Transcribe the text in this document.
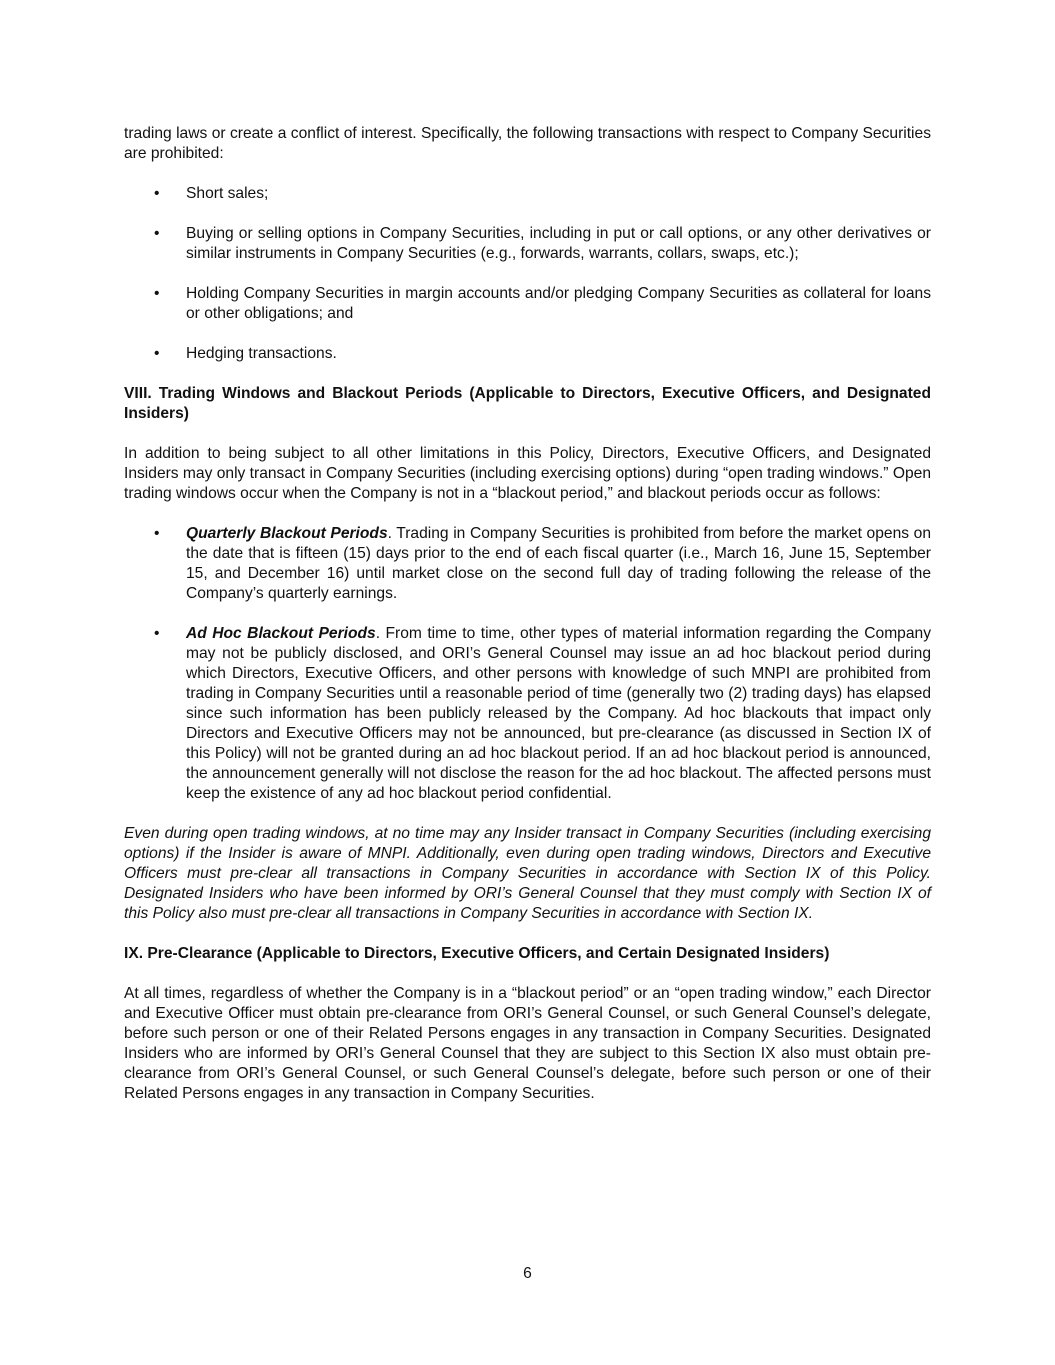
trading laws or create a conflict of interest. Specifically, the following transactions with respect to Company Securities are prohibited:

• Short sales;
• Buying or selling options in Company Securities, including in put or call options, or any other derivatives or similar instruments in Company Securities (e.g., forwards, warrants, collars, swaps, etc.);
• Holding Company Securities in margin accounts and/or pledging Company Securities as collateral for loans or other obligations; and
• Hedging transactions.

VIII. Trading Windows and Blackout Periods (Applicable to Directors, Executive Officers, and Designated Insiders)

In addition to being subject to all other limitations in this Policy, Directors, Executive Officers, and Designated Insiders may only transact in Company Securities (including exercising options) during “open trading windows.” Open trading windows occur when the Company is not in a “blackout period,” and blackout periods occur as follows:

• Quarterly Blackout Periods. Trading in Company Securities is prohibited from before the market opens on the date that is fifteen (15) days prior to the end of each fiscal quarter (i.e., March 16, June 15, September 15, and December 16) until market close on the second full day of trading following the release of the Company’s quarterly earnings.
• Ad Hoc Blackout Periods. From time to time, other types of material information regarding the Company may not be publicly disclosed, and ORI’s General Counsel may issue an ad hoc blackout period during which Directors, Executive Officers, and other persons with knowledge of such MNPI are prohibited from trading in Company Securities until a reasonable period of time (generally two (2) trading days) has elapsed since such information has been publicly released by the Company. Ad hoc blackouts that impact only Directors and Executive Officers may not be announced, but pre-clearance (as discussed in Section IX of this Policy) will not be granted during an ad hoc blackout period. If an ad hoc blackout period is announced, the announcement generally will not disclose the reason for the ad hoc blackout. The affected persons must keep the existence of any ad hoc blackout period confidential.

Even during open trading windows, at no time may any Insider transact in Company Securities (including exercising options) if the Insider is aware of MNPI. Additionally, even during open trading windows, Directors and Executive Officers must pre-clear all transactions in Company Securities in accordance with Section IX of this Policy. Designated Insiders who have been informed by ORI’s General Counsel that they must comply with Section IX of this Policy also must pre-clear all transactions in Company Securities in accordance with Section IX.

IX. Pre-Clearance (Applicable to Directors, Executive Officers, and Certain Designated Insiders)

At all times, regardless of whether the Company is in a “blackout period” or an “open trading window,” each Director and Executive Officer must obtain pre-clearance from ORI’s General Counsel, or such General Counsel’s delegate, before such person or one of their Related Persons engages in any transaction in Company Securities. Designated Insiders who are informed by ORI’s General Counsel that they are subject to this Section IX also must obtain pre-clearance from ORI’s General Counsel, or such General Counsel’s delegate, before such person or one of their Related Persons engages in any transaction in Company Securities.

6
